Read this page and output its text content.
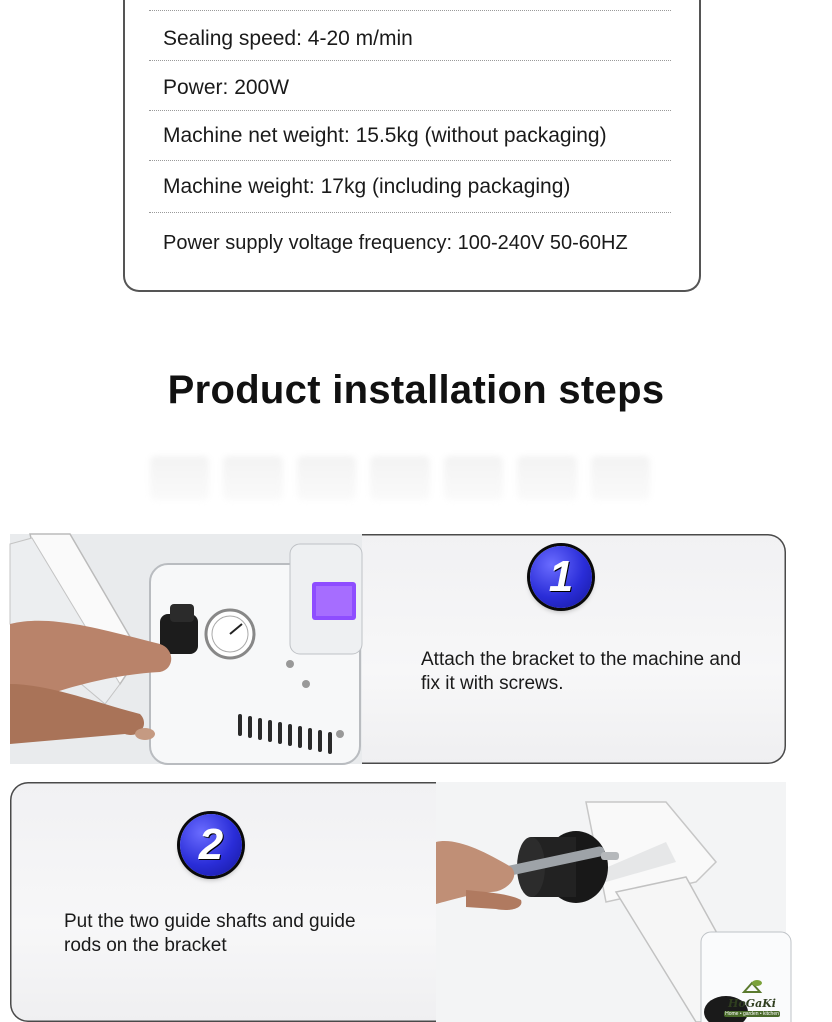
Sealing speed: 4-20 m/min
Power: 200W
Machine net weight: 15.5kg (without packaging)
Machine weight: 17kg (including packaging)
Power supply voltage frequency: 100-240V 50-60HZ
Product installation steps
1
Attach the bracket to the machine and fix it with screws.
2
Put the two guide shafts and guide rods on the bracket
HoGaKi
Home • garden • kitchen
